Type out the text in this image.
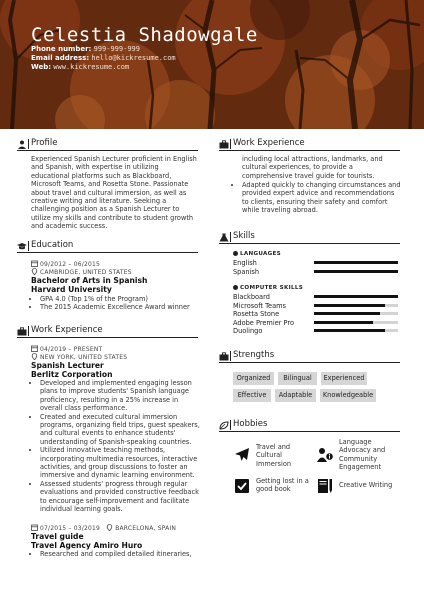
Celestia Shadowgale
Phone number: 999-999-999
Email address: hello@kickresume.com
Web: www.kickresume.com
Profile
Experienced Spanish Lecturer proficient in English and Spanish, with expertise in utilizing educational platforms such as Blackboard, Microsoft Teams, and Rosetta Stone. Passionate about travel and cultural immersion, as well as creative writing and literature. Seeking a challenging position as a Spanish Lecturer to utilize my skills and contribute to student growth and academic success.
Education
09/2012 – 06/2015
CAMBRIDGE, UNITED STATES
Bachelor of Arts in Spanish
Harvard University
• GPA 4.0 (Top 1% of the Program)
• The 2015 Academic Excellence Award winner
Work Experience
04/2019 – PRESENT
NEW YORK, UNITED STATES
Spanish Lecturer
Berlitz Corporation
• Developed and implemented engaging lesson plans to improve students' Spanish language proficiency, resulting in a 25% increase in overall class performance.
• Created and executed cultural immersion programs, organizing field trips, guest speakers, and cultural events to enhance students' understanding of Spanish-speaking countries.
• Utilized innovative teaching methods, incorporating multimedia resources, interactive activities, and group discussions to foster an immersive and dynamic learning environment.
• Assessed students' progress through regular evaluations and provided constructive feedback to encourage self-improvement and facilitate individual learning goals.
07/2015 – 03/2019	BARCELONA, SPAIN
Travel guide
Travel Agency Amiro Huro
• Researched and compiled detailed itineraries,
Work Experience
including local attractions, landmarks, and cultural experiences, to provide a comprehensive travel guide for tourists.
• Adapted quickly to changing circumstances and provided expert advice and recommendations to clients, ensuring their safety and comfort while traveling abroad.
Skills
LANGUAGES
English
Spanish
COMPUTER SKILLS
Blackboard
Microsoft Teams
Rosetta Stone
Adobe Premier Pro
Duolingo
Strengths
Organized	Bilingual	Experienced
Effective	Adaptable	Knowledgeable
Hobbies
Travel and Cultural Immersion
Language Advocacy and Community Engagement
Getting lost in a good book
Creative Writing
